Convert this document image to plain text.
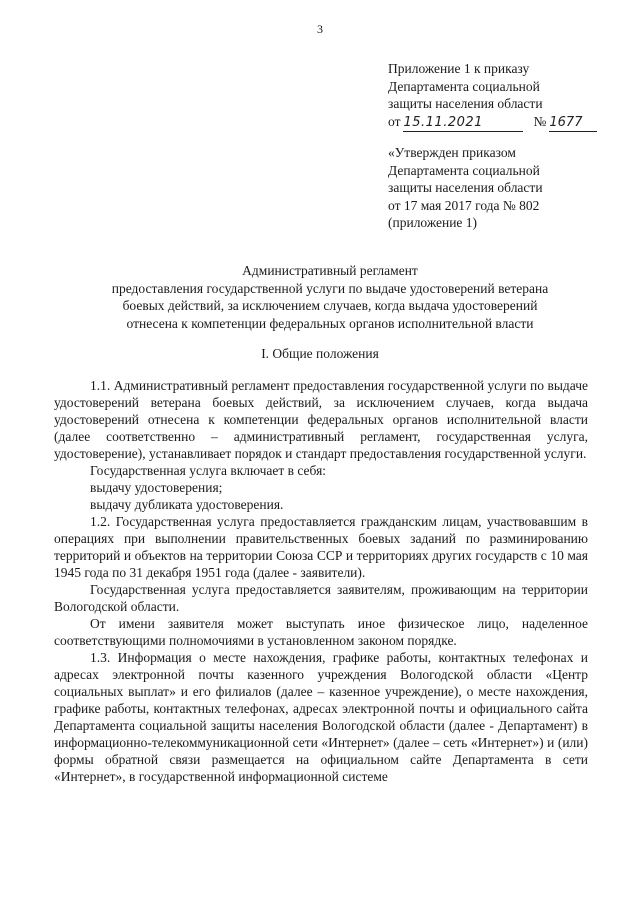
3
Приложение 1 к приказу
Департамента социальной
защиты населения области
от 15.11.2021	№ 1677
«Утвержден приказом
Департамента социальной
защиты населения области
от 17 мая 2017 года № 802
(приложение 1)
Административный регламент
предоставления государственной услуги по выдаче удостоверений ветерана
боевых действий, за исключением случаев, когда выдача удостоверений
отнесена к компетенции федеральных органов исполнительной власти
I. Общие положения

1.1. Административный регламент предоставления государственной услуги по выдаче удостоверений ветерана боевых действий, за исключением случаев, когда выдача удостоверений отнесена к компетенции федеральных органов исполнительной власти (далее соответственно – административный регламент, государственная услуга, удостоверение), устанавливает порядок и стандарт предоставления государственной услуги.

Государственная услуга включает в себя:

выдачу удостоверения;

выдачу дубликата удостоверения.

1.2. Государственная услуга предоставляется гражданским лицам, участвовавшим в операциях при выполнении правительственных боевых заданий по разминированию территорий и объектов на территории Союза ССР и территориях других государств с 10 мая 1945 года по 31 декабря 1951 года (далее - заявители).

Государственная услуга предоставляется заявителям, проживающим на территории Вологодской области.

От имени заявителя может выступать иное физическое лицо, наделенное соответствующими полномочиями в установленном законом порядке.

1.3. Информация о месте нахождения, графике работы, контактных телефонах и адресах электронной почты казенного учреждения Вологодской области «Центр социальных выплат» и его филиалов (далее – казенное учреждение), о месте нахождения, графике работы, контактных телефонах, адресах электронной почты и официального сайта Департамента социальной защиты населения Вологодской области (далее - Департамент) в информационно-телекоммуникационной сети «Интернет» (далее – сеть «Интернет») и (или) формы обратной связи размещается на официальном сайте Департамента в сети «Интернет», в государственной информационной системе
